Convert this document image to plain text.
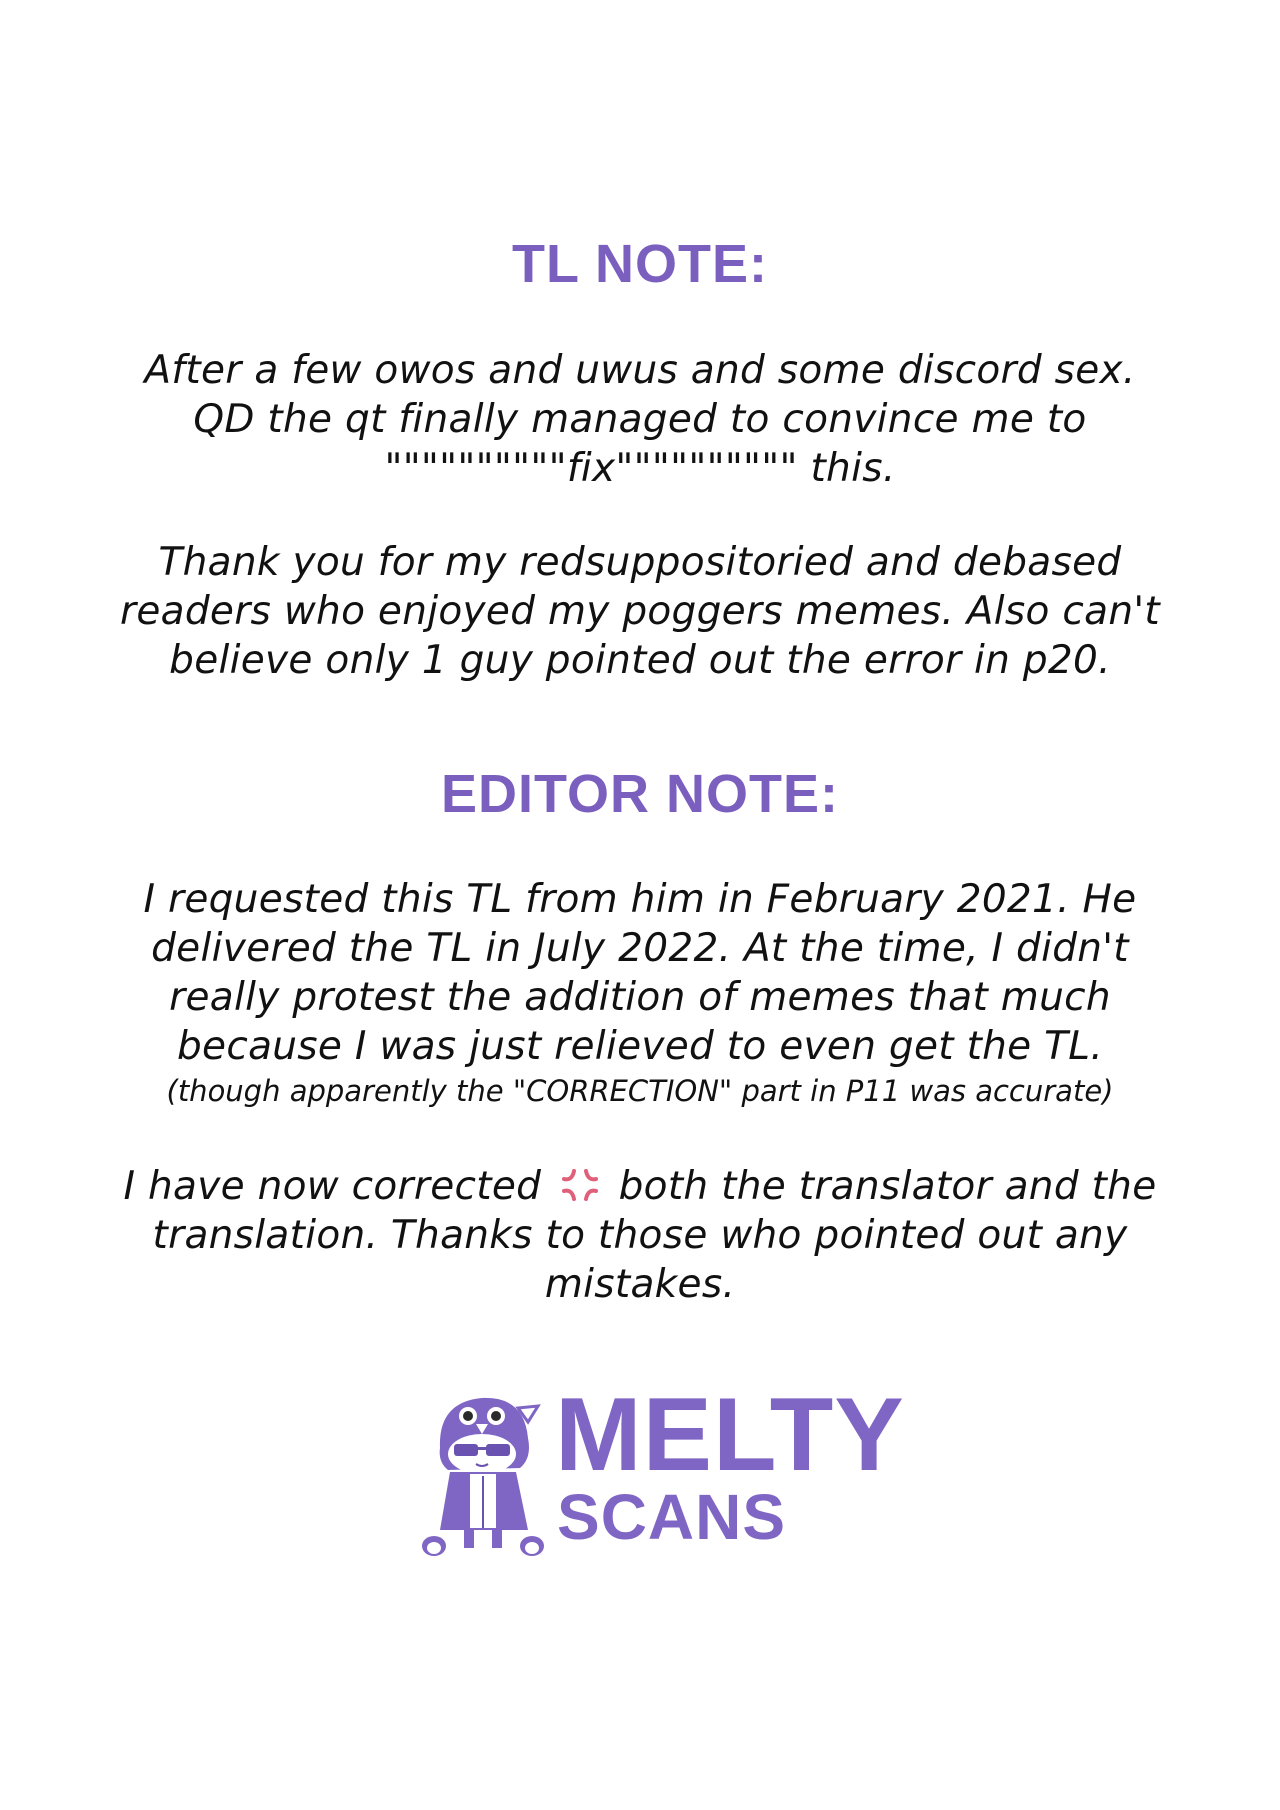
TL NOTE:
After a few owos and uwus and some discord sex.
QD the qt finally managed to convince me to
""""""""""fix"""""""""" this.
Thank you for my redsuppositoried and debased
readers who enjoyed my poggers memes. Also can't
believe only 1 guy pointed out the error in p20.
EDITOR NOTE:
I requested this TL from him in February 2021. He
delivered the TL in July 2022. At the time, I didn't
really protest the addition of memes that much
because I was just relieved to even get the TL.
(though apparently the "CORRECTION" part in P11 was accurate)
I have now corrected both the translator and the
translation. Thanks to those who pointed out any
mistakes.
MELTY
SCANS
